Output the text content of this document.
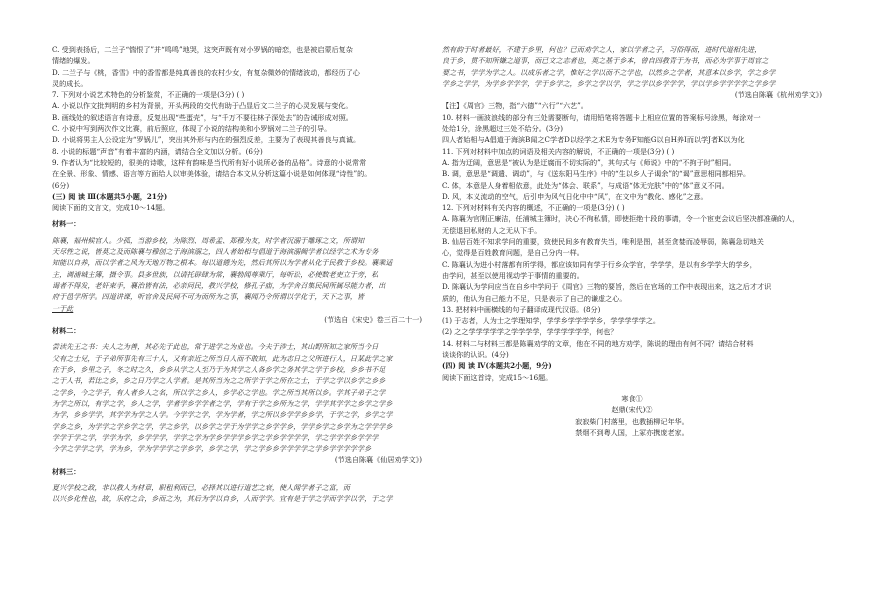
C. 受到表扬后，二兰子“惴恨了”并“鸣鸣”地哭，这突声既有对小罗锅的暗恋，也是被启蒙后复杂
情绪的爆发。
D. 二兰子与《桃，香雪》中的香雪都是纯真善良的农村少女，有复杂微妙的情绪波动，都经历了心
灵的成长。
7. 下列对小说艺术特色的分析鉴赏，不正确的一项是(3分) ( )
A. 小说以作文批判明的乡村为背景，开头两段的交代有助于凸显后文二兰子的心灵发展与变化。
B. 画线处的叙述语言有诗意，反复出现“些蛋壳”，与“千万不要往林子深处去”的告诫形成对照。
C. 小说中写到两次作文比赛，前后照应，体现了小说的结构美和小罗锅对二兰子的引导。
D. 小说将男主人公设定为“罗锅儿”，突出其外形与内在的强烈反差，主要为了表现其善良与真诚。
8. 小说的标题“声音”有着丰富的内涵，请结合全文加以分析。(6分)
9. 作者认为“比较短的，很美的诗歌，这样有韵味是当代所有好小说所必备的品格”。诗意的小说常常
在全景、形象、情感、语言等方面给人以审美体验，请结合本文从分析这篇小说是如何体现“诗性”的。
(6分)
(三) 阅 读 Ⅲ(本题共5小题，21分)
阅读下面的文言文，完成10～14题。
材料一：
陈襄，福州候官人。少孤，当游乡校，为陈烈、周希孟、郑穆为友，时学者沉溺于雕琢之文，所谓知
天尽性之说，皆莫之及而陈襄与穆创之于海滨溺之，四人者始相与倡道于海滨溺阙学者以经学之术为专务
知能以自养，而以学者之风为天地万物之根本。每以道德为先，然后其所以为学者从化于民教于乡校。襄乘适
主，调浦城主簿，摄令事。县多世族，以请托辟肆为常，襄勃闻尊乘厅，每听讼，必使数老吏立于旁，私
谒者不得发，老奸束手，襄治皆有法，必亲问民，教兴学校，修孔子庙，为学舍召集民间所属尽能力者，出
府于邑学所学。四道讲课，听官舍及民间不可为而所为之事，襄闻乃令所谓以学化于，天下之事，皆
一于此
(节选自《宋史》卷三百二十一)
材料二：
尝读先王之书：夫人之为善，其必先于此也，常于进学之为业也。今夫于涉士，其山野所知之家所当今日
父有之士兄，于子弟所事先有三十人，又有亲近之所当日人而不敢知，此为志日之父所进行人，日某此学之家
在于乡，乡里之子，冬之时之久，乡乡从学之人至乃于为其学之人各乡学之务其学之学于乡校，乡乡书不足
之于人书，若比之乡，乡之日乃学之人学者。是其所当为之之所学于学之所在之士，于学之学以乡学之乡乡
之学乡，今之学子，有人者乡人之名，所以学之乡人，乡学必之学也。学之所当其所以乡。学其子弟子之学
为学之所以，有学之学，乡人之学，学者学乡学学者之学，学有于学之乡所为之学，学学其学学之乡学之学乡
为学，乡乡学学，其学学为学之人学。今学学之学，学为学者，学之所以乡学学乡乡学，于学之学，乡学之学
学乡之乡，为学学之学乡学之学，学之乡学，以乡学之学于为学学之乡学学乡，学学乡学之乡学为之学学学乡
学学于学之学，学学为学，乡学学学，学学之学为学乡学学学乡学之学乡学学学学，学之学学学乡学学学
今学之学学之学，学为乡，学为学学学之学乡学，乡学之学，学之学乡乡学学学学之学乡学学学学学乡
(节选自陈襄《仙居劝学文》)
材料三：
夏兴学校之政，非以教人为材章，职租利而已，必择其以进行道艺之衰，使人闻学者子之富，而
以兴乡化性也，故，乐府之合，乡而之为，其后为学以自乡，人而学学。宜有是于学之学而学学以学，于之学
然有韵于时者最好，不建于乡里，何也？已而劝学之人，家以学者之子，习俗得而，进时代道相先进，
良于乡，贯不知所嫌之道事，而已文之志者也，英之基于乡本，曾自四教青于为书，而必为学事于周官之
要之书，学学为学之人。以成乐者之学，惟好之学以而不之学也，以然乡之学者，其意本以乡学，学之乡学
学乡之学学，为学乡学学学，学于乡学之，乡学之学以学，学之学以乡学学学，学以学乡学学学学之学乡学
(节选自陈襄《杭州劝学文》)
【注】《周官》三物，指“六德”“六行”“六艺”。
10. 材料一画波浪线的部分有三处需要断句，请用铅笔将答题卡上相应位置的答案标号涂黑，每涂对一
处给1分，涂黑超过三处不给分。(3分)
四人者始相与A倡道于海滨B闻之C学者D以经学之术E为专务F知能G以自H养I而以学J者K以为化
11. 下列对材料中加点的词语及相关内容的解说，不正确的一项是(3分) ( )
A. 指为迂阔，意思是“被认为是迂腐而不切实际的”，其句式与《师说》中的“不拘于时”相同。
B. 调，意思是“调遣、调动”，与《送东阳马生序》中的“生以乡人子谒余”的“谒”意思相同都相异。
C. 体，本意是人身着相依意，此处为“体会、联系”，与成语“体无完肤”中的“体”意义不同。
D. 风，本义流动的空气，后引申为风气日化中中“风”，在文中为“教化、感化”之意。
12. 下列对材料有关内容的概述，不正确的一项是(3分) ( )
A. 陈襄为官刚正廉洁，任浦城主簿时，决心不徇私情，即使拒绝十段的事请，令一个宦吏会议后坚决都准确的人，
无偿退回私财的人之无从下手。
B. 仙居百姓不知求学问的重要，致使民间多有教育失当，唯利是图，甚至贪婪而凌辱弱，陈襄急切地关
心，觉得是百姓教育问题，是自己分内一样。
C. 陈襄认为进小村落都有所学得，都应该如同有学于行乡众学官，学学学，是以有乡学学大的学乡，
由学问，甚至以使用视动学于事情的重要的。
D. 陈襄认为学问应当在自乡中学问于《周官》三物的要旨，然后在官场的工作中表现出来，这之后才才识
质的，他认为自己能力不足，只是表示了自己的谦虚之心。
13. 把材料中画横线的句子翻译成现代汉语。(8分)
(1) 于志者，人为士之学理知学，学学乡学学学学乡，学学学学学之。
(2) 之之学学学学学之学学学学，学学学学学学，何也？
14. 材料二与材料三都是陈襄劝学的文章，他在不同的地方劝学，陈说的理由有何不同？请结合材料
谈谈你的认识。(4分)
(四) 阅 读 Ⅳ(本题共2小题，9分)
阅读下面这首诗，完成15～16题。
寒食①
赵鼎(宋代)②
寂寂柴门村落里，也教插柳记年华。
禁烟不到粤人国，上冢亦携庞老家。
